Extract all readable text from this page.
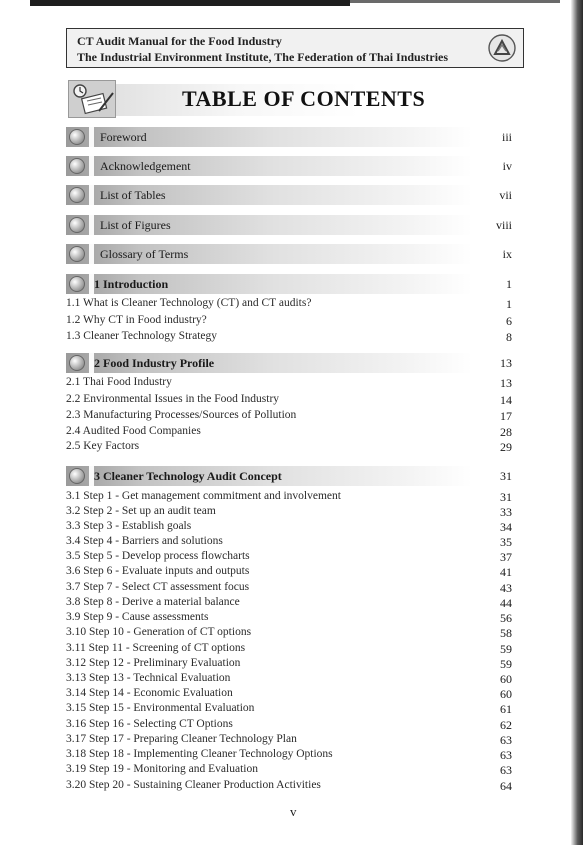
CT Audit Manual for the Food Industry
The Industrial Environment Institute, The Federation of Thai Industries
TABLE OF CONTENTS
Foreword	iii
Acknowledgement	iv
List of Tables	vii
List of Figures	viii
Glossary of Terms	ix
1 Introduction	1
1.1 What is Cleaner Technology (CT) and CT audits?	1
1.2 Why CT in Food industry?	6
1.3 Cleaner Technology Strategy	8
2 Food Industry Profile	13
2.1 Thai Food Industry	13
2.2 Environmental Issues in the Food Industry	14
2.3 Manufacturing Processes/Sources of Pollution	17
2.4 Audited Food Companies	28
2.5 Key Factors	29
3 Cleaner Technology Audit Concept	31
3.1 Step 1 - Get management commitment and involvement	31
3.2 Step 2 - Set up an audit team	33
3.3 Step 3 - Establish goals	34
3.4 Step 4 - Barriers and solutions	35
3.5 Step 5 - Develop process flowcharts	37
3.6 Step 6 - Evaluate inputs and outputs	41
3.7 Step 7 - Select CT assessment focus	43
3.8 Step 8 - Derive a material balance	44
3.9 Step 9 - Cause assessments	56
3.10 Step 10 - Generation of CT options	58
3.11 Step 11 - Screening of CT options	59
3.12 Step 12 - Preliminary Evaluation	59
3.13 Step 13 - Technical Evaluation	60
3.14 Step 14 - Economic Evaluation	60
3.15 Step 15 - Environmental Evaluation	61
3.16 Step 16 - Selecting CT Options	62
3.17 Step 17 - Preparing Cleaner Technology Plan	63
3.18 Step 18 - Implementing Cleaner Technology Options	63
3.19 Step 19 - Monitoring and Evaluation	63
3.20 Step 20 - Sustaining Cleaner Production Activities	64
v
